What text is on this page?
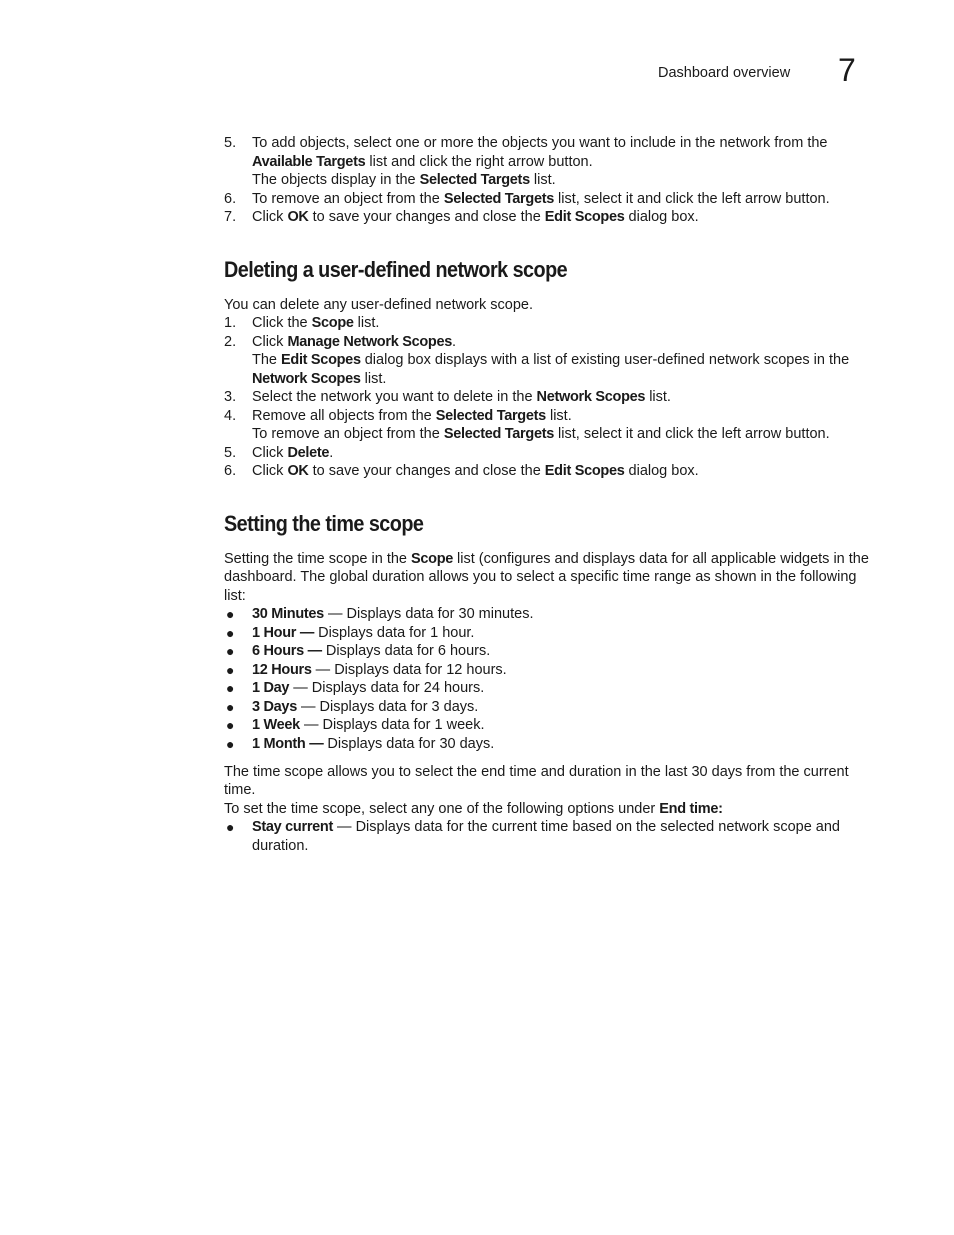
Dashboard overview 7

5.	To add objects, select one or more the objects you want to include in the network from the Available Targets list and click the right arrow button.

The objects display in the Selected Targets list.

6.	To remove an object from the Selected Targets list, select it and click the left arrow button.

7.	Click OK to save your changes and close the Edit Scopes dialog box.

Deleting a user-defined network scope

You can delete any user-defined network scope.

1.	Click the Scope list.

2.	Click Manage Network Scopes.

The Edit Scopes dialog box displays with a list of existing user-defined network scopes in the Network Scopes list.

3.	Select the network you want to delete in the Network Scopes list.

4.	Remove all objects from the Selected Targets list.

To remove an object from the Selected Targets list, select it and click the left arrow button.

5.	Click Delete.

6.	Click OK to save your changes and close the Edit Scopes dialog box.

Setting the time scope

Setting the time scope in the Scope list (configures and displays data for all applicable widgets in the dashboard. The global duration allows you to select a specific time range as shown in the following list:

● 30 Minutes — Displays data for 30 minutes.

● 1 Hour — Displays data for 1 hour.

● 6 Hours — Displays data for 6 hours.

● 12 Hours — Displays data for 12 hours.

● 1 Day — Displays data for 24 hours.

● 3 Days — Displays data for 3 days.

● 1 Week — Displays data for 1 week.

● 1 Month — Displays data for 30 days.

The time scope allows you to select the end time and duration in the last 30 days from the current time.

To set the time scope, select any one of the following options under End time:

● Stay current — Displays data for the current time based on the selected network scope and duration.
